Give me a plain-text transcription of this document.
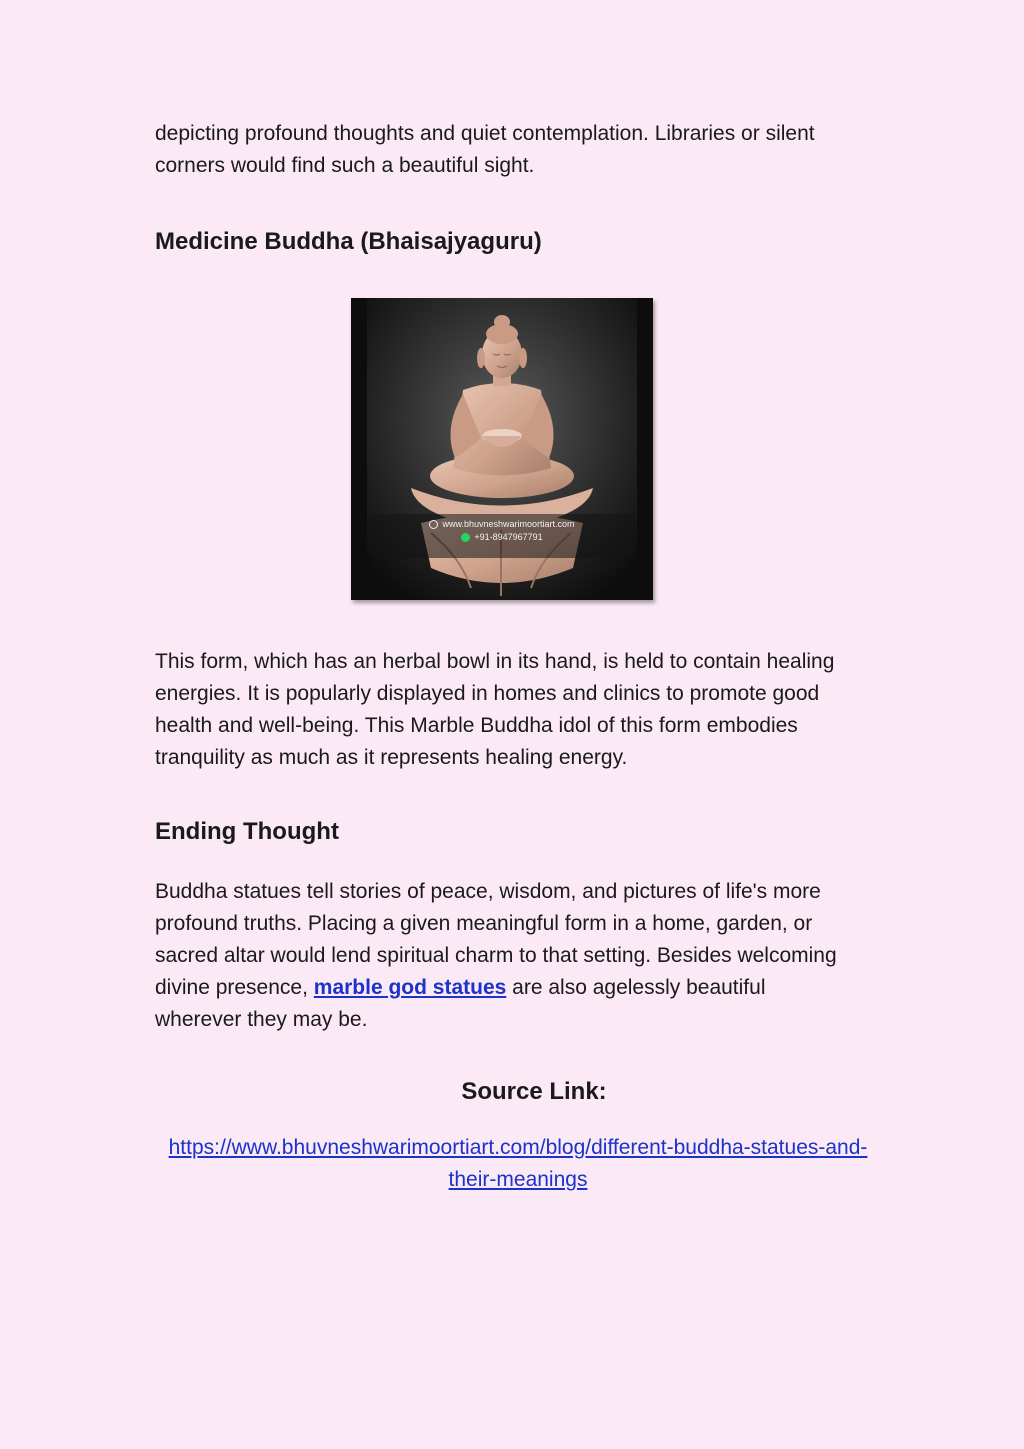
depicting profound thoughts and quiet contemplation. Libraries or silent corners would find such a beautiful sight.

Medicine Buddha (Bhaisajyaguru)
www.bhuvneshwarimoortiart.com
+91-8947967791

This form, which has an herbal bowl in its hand, is held to contain healing energies. It is popularly displayed in homes and clinics to promote good health and well-being. This Marble Buddha idol of this form embodies tranquility as much as it represents healing energy.

Ending Thought

Buddha statues tell stories of peace, wisdom, and pictures of life's more profound truths. Placing a given meaningful form in a home, garden, or sacred altar would lend spiritual charm to that setting. Besides welcoming divine presence, marble god statues are also agelessly beautiful wherever they may be.

Source Link:
https://www.bhuvneshwarimoortiart.com/blog/different-buddha-statues-and-their-meanings
